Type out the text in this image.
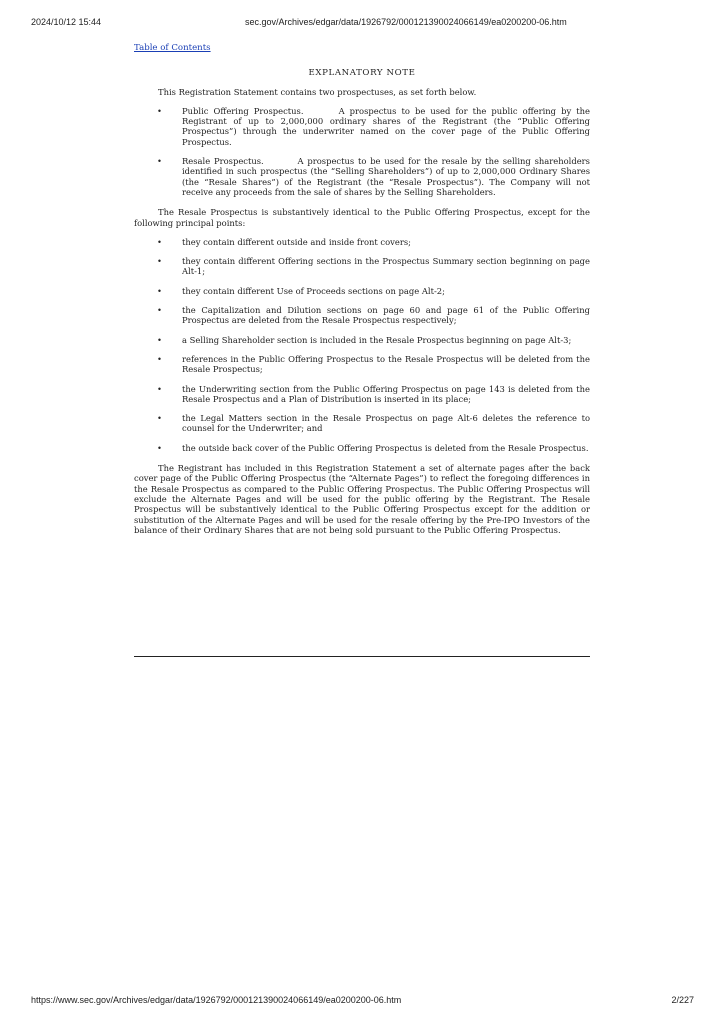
2024/10/12 15:44	sec.gov/Archives/edgar/data/1926792/000121390024066149/ea0200200-06.htm
Table of Contents
EXPLANATORY NOTE

This Registration Statement contains two prospectuses, as set forth below.

• Public Offering Prospectus.	A prospectus to be used for the public offering by the Registrant of up to 2,000,000 ordinary shares of the Registrant (the “Public Offering Prospectus”) through the underwriter named on the cover page of the Public Offering Prospectus.
• Resale Prospectus.	A prospectus to be used for the resale by the selling shareholders identified in such prospectus (the “Selling Shareholders”) of up to 2,000,000 Ordinary Shares (the “Resale Shares”) of the Registrant (the “Resale Prospectus”). The Company will not receive any proceeds from the sale of shares by the Selling Shareholders.

The Resale Prospectus is substantively identical to the Public Offering Prospectus, except for the following principal points:

• they contain different outside and inside front covers;
• they contain different Offering sections in the Prospectus Summary section beginning on page Alt-1;
• they contain different Use of Proceeds sections on page Alt-2;
• the Capitalization and Dilution sections on page 60 and page 61 of the Public Offering Prospectus are deleted from the Resale Prospectus respectively;
• a Selling Shareholder section is included in the Resale Prospectus beginning on page Alt-3;
• references in the Public Offering Prospectus to the Resale Prospectus will be deleted from the Resale Prospectus;
• the Underwriting section from the Public Offering Prospectus on page 143 is deleted from the Resale Prospectus and a Plan of Distribution is inserted in its place;
• the Legal Matters section in the Resale Prospectus on page Alt-6 deletes the reference to counsel for the Underwriter; and
• the outside back cover of the Public Offering Prospectus is deleted from the Resale Prospectus.

The Registrant has included in this Registration Statement a set of alternate pages after the back cover page of the Public Offering Prospectus (the “Alternate Pages”) to reflect the foregoing differences in the Resale Prospectus as compared to the Public Offering Prospectus. The Public Offering Prospectus will exclude the Alternate Pages and will be used for the public offering by the Registrant. The Resale Prospectus will be substantively identical to the Public Offering Prospectus except for the addition or substitution of the Alternate Pages and will be used for the resale offering by the Pre-IPO Investors of the balance of their Ordinary Shares that are not being sold pursuant to the Public Offering Prospectus.

https://www.sec.gov/Archives/edgar/data/1926792/000121390024066149/ea0200200-06.htm	2/227
